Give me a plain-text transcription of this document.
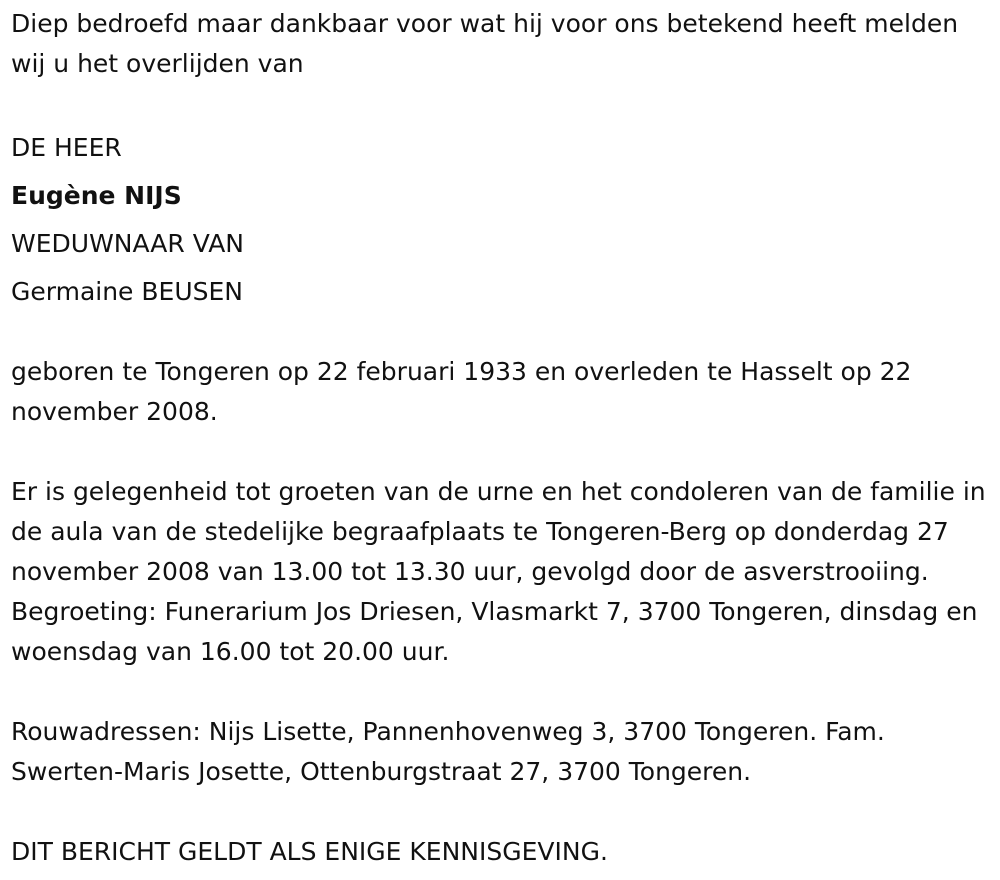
Diep bedroefd maar dankbaar voor wat hij voor ons betekend heeft melden wij u het overlijden van

DE HEER
Eugène NIJS
WEDUWNAAR VAN
Germaine BEUSEN

geboren te Tongeren op 22 februari 1933 en overleden te Hasselt op 22 november 2008.

Er is gelegenheid tot groeten van de urne en het condoleren van de familie in de aula van de stedelijke begraafplaats te Tongeren-Berg op donderdag 27 november 2008 van 13.00 tot 13.30 uur, gevolgd door de asverstrooiing. Begroeting: Funerarium Jos Driesen, Vlasmarkt 7, 3700 Tongeren, dinsdag en woensdag van 16.00 tot 20.00 uur.

Rouwadressen: Nijs Lisette, Pannenhovenweg 3, 3700 Tongeren. Fam. Swerten-Maris Josette, Ottenburgstraat 27, 3700 Tongeren.

DIT BERICHT GELDT ALS ENIGE KENNISGEVING.
